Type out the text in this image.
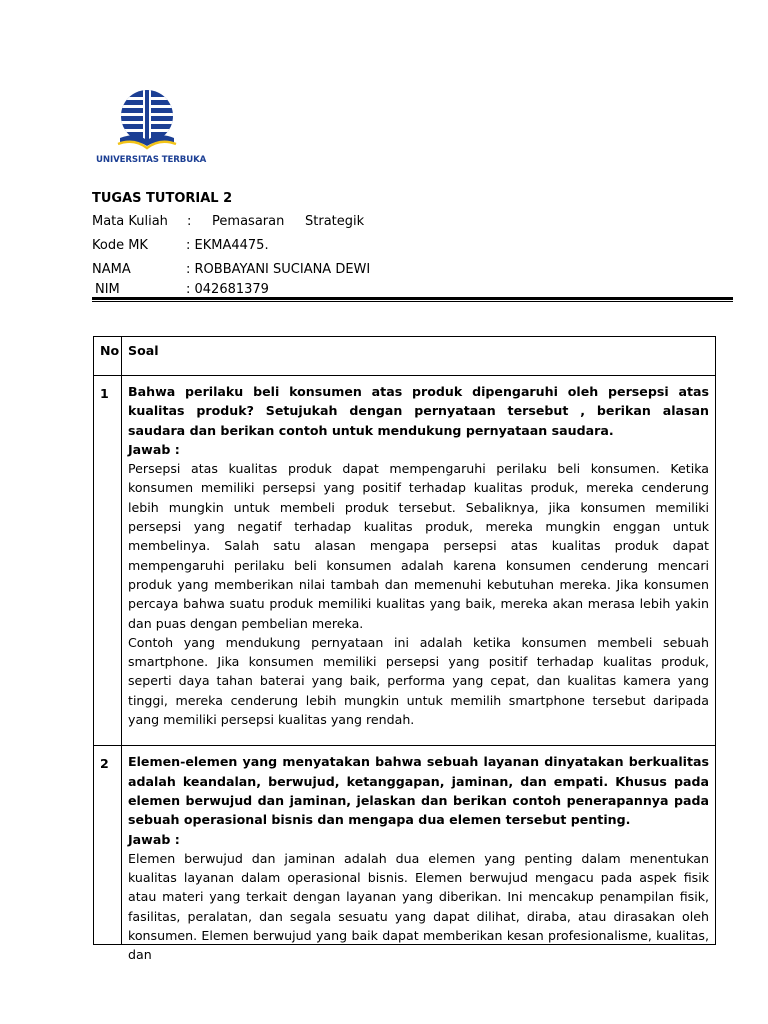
UNIVERSITAS TERBUKA
TUGAS TUTORIAL 2
Mata Kuliah :     Pemasaran     Strategik
Kode MK	: EKMA4475.
NAMA	: ROBBAYANI SUCIANA DEWI
NIM	: 042681379
No	Soal
1	Bahwa perilaku beli konsumen atas produk dipengaruhi oleh persepsi atas kualitas produk? Setujukah dengan pernyataan tersebut , berikan alasan saudara dan berikan contoh untuk mendukung pernyataan saudara.
Jawab :

Persepsi atas kualitas produk dapat mempengaruhi perilaku beli konsumen. Ketika konsumen memiliki persepsi yang positif terhadap kualitas produk, mereka cenderung lebih mungkin untuk membeli produk tersebut. Sebaliknya, jika konsumen memiliki persepsi yang negatif terhadap kualitas produk, mereka mungkin enggan untuk membelinya. Salah satu alasan mengapa persepsi atas kualitas produk dapat mempengaruhi perilaku beli konsumen adalah karena konsumen cenderung mencari produk yang memberikan nilai tambah dan memenuhi kebutuhan mereka. Jika konsumen percaya bahwa suatu produk memiliki kualitas yang baik, mereka akan merasa lebih yakin dan puas dengan pembelian mereka.

Contoh yang mendukung pernyataan ini adalah ketika konsumen membeli sebuah smartphone. Jika konsumen memiliki persepsi yang positif terhadap kualitas produk, seperti daya tahan baterai yang baik, performa yang cepat, dan kualitas kamera yang tinggi, mereka cenderung lebih mungkin untuk memilih smartphone tersebut daripada yang memiliki persepsi kualitas yang rendah.

2	Elemen-elemen yang menyatakan bahwa sebuah layanan dinyatakan berkualitas adalah keandalan, berwujud, ketanggapan, jaminan, dan empati. Khusus pada elemen berwujud dan jaminan, jelaskan dan berikan contoh penerapannya pada sebuah operasional bisnis dan mengapa dua elemen tersebut penting.
Jawab :

Elemen berwujud dan jaminan adalah dua elemen yang penting dalam menentukan kualitas layanan dalam operasional bisnis. Elemen berwujud mengacu pada aspek fisik atau materi yang terkait dengan layanan yang diberikan. Ini mencakup penampilan fisik, fasilitas, peralatan, dan segala sesuatu yang dapat dilihat, diraba, atau dirasakan oleh konsumen. Elemen berwujud yang baik dapat memberikan kesan profesionalisme, kualitas, dan
